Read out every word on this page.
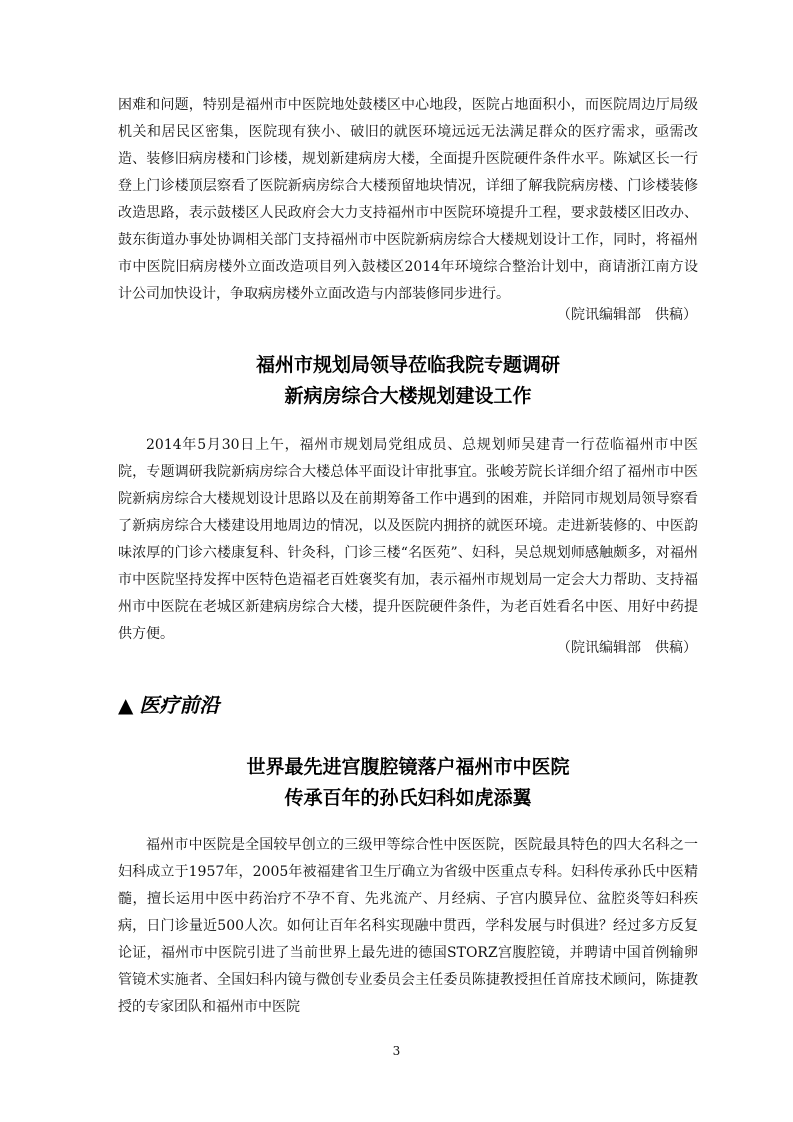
困难和问题，特别是福州市中医院地处鼓楼区中心地段，医院占地面积小，而医院周边厅局级机关和居民区密集，医院现有狭小、破旧的就医环境远远无法满足群众的医疗需求，亟需改造、装修旧病房楼和门诊楼，规划新建病房大楼，全面提升医院硬件条件水平。陈斌区长一行登上门诊楼顶层察看了医院新病房综合大楼预留地块情况，详细了解我院病房楼、门诊楼装修改造思路，表示鼓楼区人民政府会大力支持福州市中医院环境提升工程，要求鼓楼区旧改办、鼓东街道办事处协调相关部门支持福州市中医院新病房综合大楼规划设计工作，同时，将福州市中医院旧病房楼外立面改造项目列入鼓楼区2014年环境综合整治计划中，商请浙江南方设计公司加快设计，争取病房楼外立面改造与内部装修同步进行。
（院讯编辑部　供稿）
福州市规划局领导莅临我院专题调研
新病房综合大楼规划建设工作
2014年5月30日上午，福州市规划局党组成员、总规划师吴建青一行莅临福州市中医院，专题调研我院新病房综合大楼总体平面设计审批事宜。张峻芳院长详细介绍了福州市中医院新病房综合大楼规划设计思路以及在前期筹备工作中遇到的困难，并陪同市规划局领导察看了新病房综合大楼建设用地周边的情况，以及医院内拥挤的就医环境。走进新装修的、中医韵味浓厚的门诊六楼康复科、针灸科，门诊三楼“名医苑”、妇科，吴总规划师感触颇多，对福州市中医院坚持发挥中医特色造福老百姓褒奖有加，表示福州市规划局一定会大力帮助、支持福州市中医院在老城区新建病房综合大楼，提升医院硬件条件，为老百姓看名中医、用好中药提供方便。
（院讯编辑部　供稿）
▲ 医疗前沿
世界最先进宫腹腔镜落户福州市中医院
传承百年的孙氏妇科如虎添翼
福州市中医院是全国较早创立的三级甲等综合性中医医院，医院最具特色的四大名科之一妇科成立于1957年，2005年被福建省卫生厅确立为省级中医重点专科。妇科传承孙氏中医精髓，擅长运用中医中药治疗不孕不育、先兆流产、月经病、子宫内膜异位、盆腔炎等妇科疾病，日门诊量近500人次。如何让百年名科实现融中贯西，学科发展与时俱进？经过多方反复论证，福州市中医院引进了当前世界上最先进的德国STORZ宫腹腔镜，并聘请中国首例输卵管镜术实施者、全国妇科内镜与微创专业委员会主任委员陈捷教授担任首席技术顾问，陈捷教授的专家团队和福州市中医院
3
